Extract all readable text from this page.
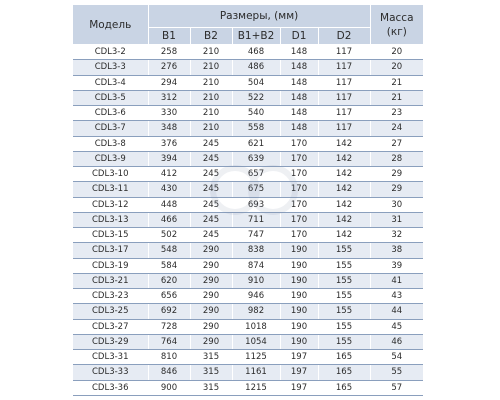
Модель	Размеры, (мм)					Масса
(кг)
	B1	B2	B1+B2	D1	D2	
CDL3-2	258	210	468	148	117	20
CDL3-3	276	210	486	148	117	20
CDL3-4	294	210	504	148	117	21
CDL3-5	312	210	522	148	117	21
CDL3-6	330	210	540	148	117	23
CDL3-7	348	210	558	148	117	24
CDL3-8	376	245	621	170	142	27
CDL3-9	394	245	639	170	142	28
CDL3-10	412	245	657	170	142	29
CDL3-11	430	245	675	170	142	29
CDL3-12	448	245	693	170	142	30
CDL3-13	466	245	711	170	142	31
CDL3-15	502	245	747	170	142	32
CDL3-17	548	290	838	190	155	38
CDL3-19	584	290	874	190	155	39
CDL3-21	620	290	910	190	155	41
CDL3-23	656	290	946	190	155	43
CDL3-25	692	290	982	190	155	44
CDL3-27	728	290	1018	190	155	45
CDL3-29	764	290	1054	190	155	46
CDL3-31	810	315	1125	197	165	54
CDL3-33	846	315	1161	197	165	55
CDL3-36	900	315	1215	197	165	57
